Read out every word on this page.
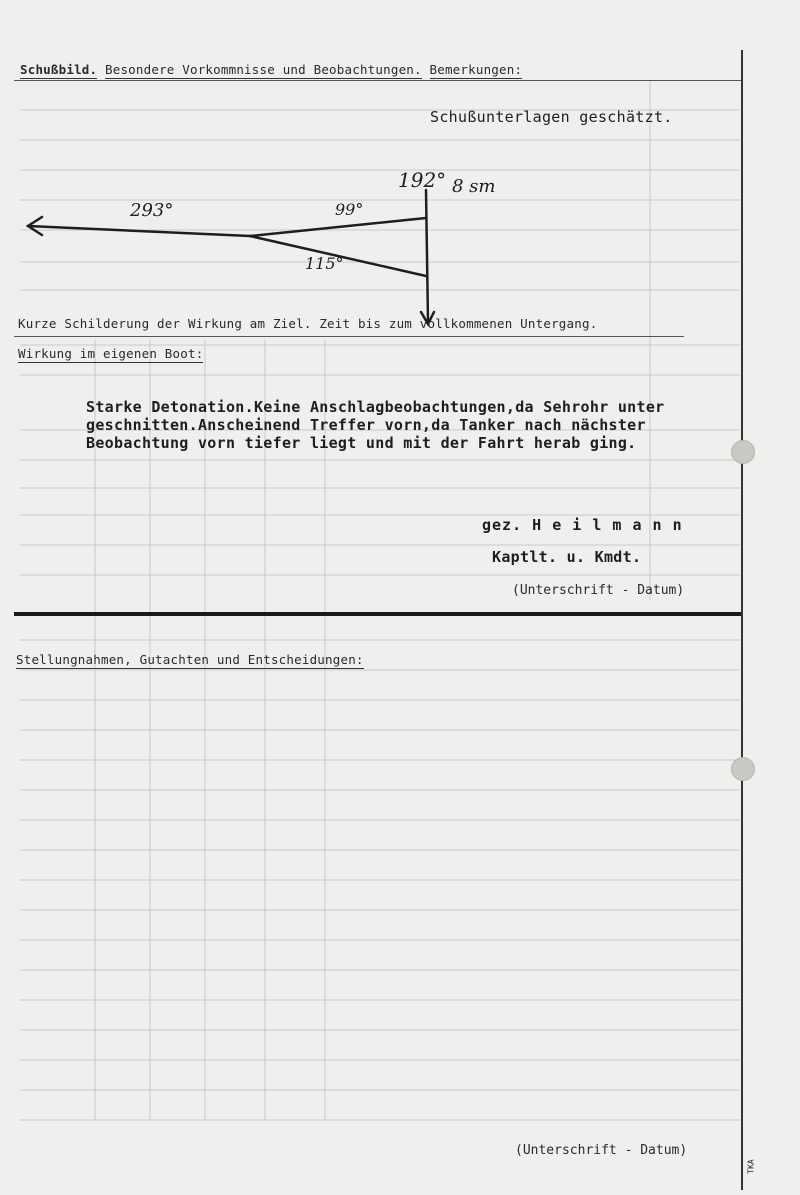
Schußbild. Besondere Vorkommnisse und Beobachtungen. Bemerkungen:
Schußunterlagen geschätzt.
293°	99°
115°
192° 8 sm
Kurze Schilderung der Wirkung am Ziel. Zeit bis zum vollkommenen Untergang.
Wirkung im eigenen Boot:

Starke Detonation.Keine Anschlagbeobachtungen,da Sehrohr unter

geschnitten.Anscheinend Treffer vorn,da Tanker nach nächster

Beobachtung vorn tiefer liegt und mit der Fahrt herab ging.

gez. H e i l m a n n
Kaptlt. u. Kmdt.
(Unterschrift - Datum)
Stellungnahmen, Gutachten und Entscheidungen:
(Unterschrift - Datum)
TKA
